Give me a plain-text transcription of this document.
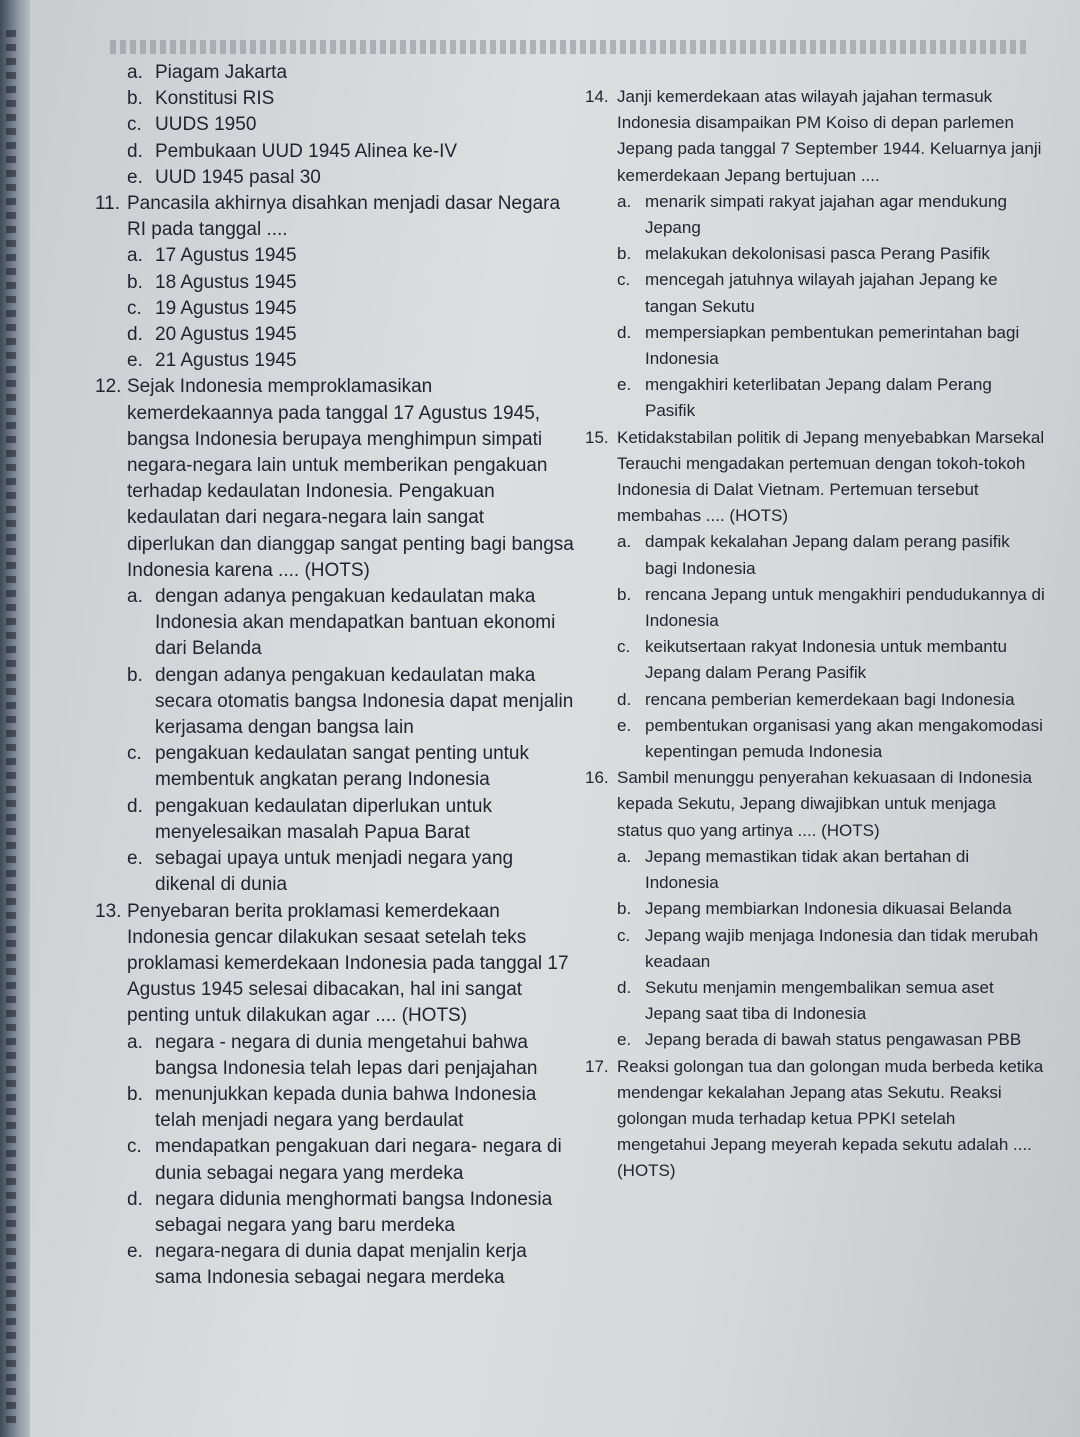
a. Piagam Jakarta
b. Konstitusi RIS
c. UUDS 1950
d. Pembukaan UUD 1945 Alinea ke-IV
e. UUD 1945 pasal 30
11. Pancasila akhirnya disahkan menjadi dasar Negara RI pada tanggal ....
a. 17 Agustus 1945
b. 18 Agustus 1945
c. 19 Agustus 1945
d. 20 Agustus 1945
e. 21 Agustus 1945
12. Sejak Indonesia memproklamasikan kemerdekaannya pada tanggal 17 Agustus 1945, bangsa Indonesia berupaya menghimpun simpati negara-negara lain untuk memberikan pengakuan terhadap kedaulatan Indonesia. Pengakuan kedaulatan dari negara-negara lain sangat diperlukan dan dianggap sangat penting bagi bangsa Indonesia karena .... (HOTS)
a. dengan adanya pengakuan kedaulatan maka Indonesia akan mendapatkan bantuan ekonomi dari Belanda
b. dengan adanya pengakuan kedaulatan maka secara otomatis bangsa Indonesia dapat menjalin kerjasama dengan bangsa lain
c. pengakuan kedaulatan sangat penting untuk membentuk angkatan perang Indonesia
d. pengakuan kedaulatan diperlukan untuk menyelesaikan masalah Papua Barat
e. sebagai upaya untuk menjadi negara yang dikenal di dunia
13. Penyebaran berita proklamasi kemerdekaan Indonesia gencar dilakukan sesaat setelah teks proklamasi kemerdekaan Indonesia pada tanggal 17 Agustus 1945 selesai dibacakan, hal ini sangat penting untuk dilakukan agar .... (HOTS)
a. negara - negara di dunia mengetahui bahwa bangsa Indonesia telah lepas dari penjajahan
b. menunjukkan kepada dunia bahwa Indonesia telah menjadi negara yang berdaulat
c. mendapatkan pengakuan dari negara- negara di dunia sebagai negara yang merdeka
d. negara didunia menghormati bangsa Indonesia sebagai negara yang baru merdeka
e. negara-negara di dunia dapat menjalin kerja sama Indonesia sebagai negara merdeka
14. Janji kemerdekaan atas wilayah jajahan termasuk Indonesia disampaikan PM Koiso di depan parlemen Jepang pada tanggal 7 September 1944. Keluarnya janji kemerdekaan Jepang bertujuan ....
a. menarik simpati rakyat jajahan agar mendukung Jepang
b. melakukan dekolonisasi pasca Perang Pasifik
c. mencegah jatuhnya wilayah jajahan Jepang ke tangan Sekutu
d. mempersiapkan pembentukan pemerintahan bagi Indonesia
e. mengakhiri keterlibatan Jepang dalam Perang Pasifik
15. Ketidakstabilan politik di Jepang menyebabkan Marsekal Terauchi mengadakan pertemuan dengan tokoh-tokoh Indonesia di Dalat Vietnam. Pertemuan tersebut membahas .... (HOTS)
a. dampak kekalahan Jepang dalam perang pasifik bagi Indonesia
b. rencana Jepang untuk mengakhiri pendudukannya di Indonesia
c. keikutsertaan rakyat Indonesia untuk membantu Jepang dalam Perang Pasifik
d. rencana pemberian kemerdekaan bagi Indonesia
e. pembentukan organisasi yang akan mengakomodasi kepentingan pemuda Indonesia
16. Sambil menunggu penyerahan kekuasaan di Indonesia kepada Sekutu, Jepang diwajibkan untuk menjaga status quo yang artinya .... (HOTS)
a. Jepang memastikan tidak akan bertahan di Indonesia
b. Jepang membiarkan Indonesia dikuasai Belanda
c. Jepang wajib menjaga Indonesia dan tidak merubah keadaan
d. Sekutu menjamin mengembalikan semua aset Jepang saat tiba di Indonesia
e. Jepang berada di bawah status pengawasan PBB
17. Reaksi golongan tua dan golongan muda berbeda ketika mendengar kekalahan Jepang atas Sekutu. Reaksi golongan muda terhadap ketua PPKI setelah mengetahui Jepang meyerah kepada sekutu adalah .... (HOTS)
